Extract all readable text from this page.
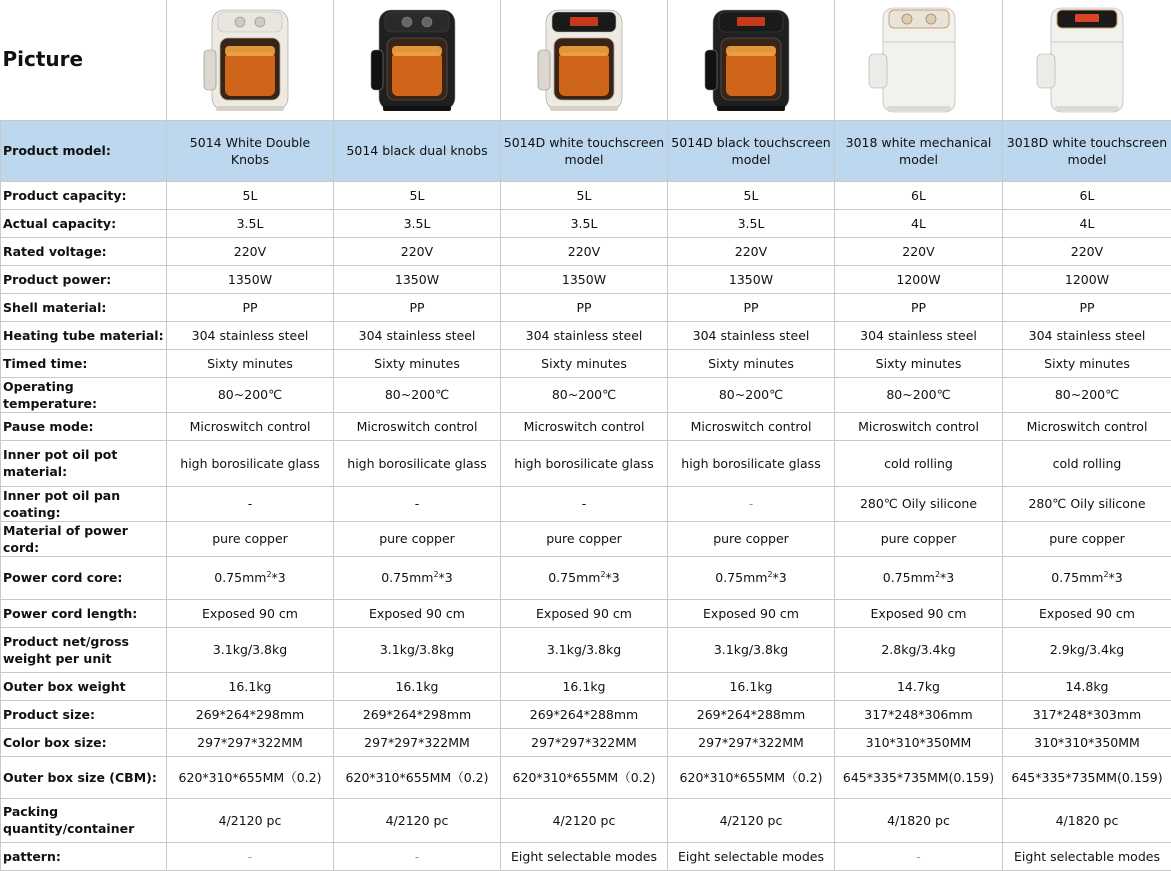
Picture	

Product model:	5014 White Double Knobs	5014 black dual knobs	5014D white touchscreen model	5014D black touchscreen model	3018 white mechanical model	3018D white touchscreen model
Product capacity:	5L	5L	5L	5L	6L	6L
Actual capacity:	3.5L	3.5L	3.5L	3.5L	4L	4L
Rated voltage:	220V	220V	220V	220V	220V	220V
Product power:	1350W	1350W	1350W	1350W	1200W	1200W
Shell material:	PP	PP	PP	PP	PP	PP
Heating tube material:	304 stainless steel	304 stainless steel	304 stainless steel	304 stainless steel	304 stainless steel	304 stainless steel
Timed time:	Sixty minutes	Sixty minutes	Sixty minutes	Sixty minutes	Sixty minutes	Sixty minutes
Operating temperature:	80~200℃	80~200℃	80~200℃	80~200℃	80~200℃	80~200℃
Pause mode:	Microswitch control	Microswitch control	Microswitch control	Microswitch control	Microswitch control	Microswitch control
Inner pot oil pot material:	high borosilicate glass	high borosilicate glass	high borosilicate glass	high borosilicate glass	cold rolling	cold rolling
Inner pot oil pan coating:	-	-	-	-	280℃ Oily silicone	280℃ Oily silicone
Material of power cord:	pure copper	pure copper	pure copper	pure copper	pure copper	pure copper
Power cord core:	$0.75mm^2*3$	$0.75mm^2*3$	$0.75mm^2*3$	$0.75mm^2*3$	$0.75mm^2*3$	$0.75mm^2*3$
Power cord length:	Exposed 90 cm	Exposed 90 cm	Exposed 90 cm	Exposed 90 cm	Exposed 90 cm	Exposed 90 cm
Product net/gross weight per unit	3.1kg/3.8kg	3.1kg/3.8kg	3.1kg/3.8kg	3.1kg/3.8kg	2.8kg/3.4kg	2.9kg/3.4kg
Outer box weight	16.1kg	16.1kg	16.1kg	16.1kg	14.7kg	14.8kg
Product size:	269*264*298mm	269*264*298mm	269*264*288mm	269*264*288mm	317*248*306mm	317*248*303mm
Color box size:	297*297*322MM	297*297*322MM	297*297*322MM	297*297*322MM	310*310*350MM	310*310*350MM
Outer box size (CBM):	620*310*655MM（0.2)	620*310*655MM（0.2)	620*310*655MM（0.2)	620*310*655MM（0.2)	645*335*735MM(0.159)	645*335*735MM(0.159)
Packing quantity/container	4/2120 pc	4/2120 pc	4/2120 pc	4/2120 pc	4/1820 pc	4/1820 pc
pattern:	-	-	Eight selectable modes	Eight selectable modes	-	Eight selectable modes
